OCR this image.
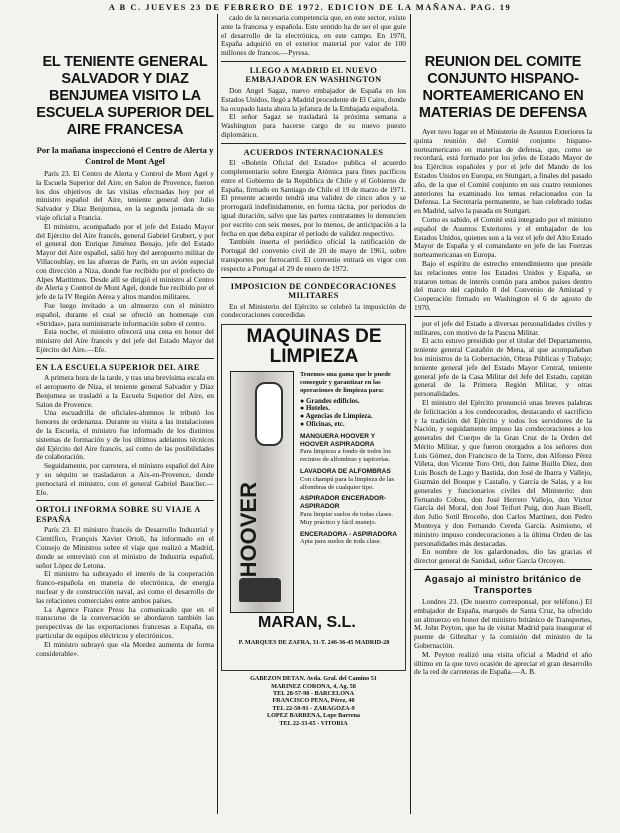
A B C. JUEVES 23 DE FEBRERO DE 1972. EDICION DE LA MAÑANA. PAG. 19
EL TENIENTE GENERAL SALVADOR Y DIAZ BENJUMEA VISITO LA ESCUELA SUPERIOR DEL AIRE FRANCESA
Por la mañana inspeccionó el Centro de Alerta y Control de Mont Agel

París 23. El Centro de Alerta y Control de Mont Agel y la Escuela Superior del Aire, en Salon de Provence, fueron los dos objetivos de las visitas efectuadas hoy por el ministro español del Aire, teniente general don Julio Salvador y Díaz Benjumea, en la segunda jornada de su viaje oficial a Francia.

El ministro, acompañado por el jefe del Estado Mayor del Ejército del Aire francés, general Gabriel Grubert, y por el general don Enrique Jiménez Benajo, jefe del Estado Mayor del Aire español, salió hoy del aeropuerto militar de Villacoublay, en las afueras de París, en un avión especial con dirección a Niza, donde fue recibido por el prefecto de Alpes Marítimos. Desde allí se dirigió el ministro al Centro de Alerta y Control de Mont Agel, donde fue recibido por el jefe de la IV Región Aérea y altos mandos militares.

Fue luego invitado a un almuerzo con el ministro español, durante el cual se ofreció un homenaje con «Stridas», para suministrarle información sobre el centro.

Esta noche, el ministro ofrecerá una cena en honor del ministro del Aire francés y del jefe del Estado Mayor del Ejército del Aire.—Efe.

EN LA ESCUELA SUPERIOR DEL AIRE

A primera hora de la tarde, y tras una brevísima escala en el aeropuerto de Niza, el teniente general Salvador y Díaz Benjumea se trasladó a la Escuela Superior del Aire, en Salon de Provence.

Una escuadrilla de oficiales-alumnos le tributó los honores de ordenanza. Durante su visita a las instalaciones de la Escuela, el ministro fue informado de los distintos sistemas de formación y de los últimos adelantos técnicos del Ejército del Aire francés, así como de las posibilidades de colaboración.

Seguidamente, por carretera, el ministro español del Aire y su séquito se trasladaron a Aix-en-Provence, donde pernoctará el ministro, con el general Gabriel Bauclier.—Efe.

ORTOLI INFORMA SOBRE SU VIAJE A ESPAÑA

París 23. El ministro francés de Desarrollo Industrial y Científico, François Xavier Ortoli, ha informado en el Consejo de Ministros sobre el viaje que realizó a Madrid, donde se entrevistó con el ministro de Industria español, señor López de Letona.

El ministro ha subrayado el interés de la cooperación franco-española en materia de electrónica, de energía nuclear y de construcción naval, así como el desarrollo de las relaciones comerciales entre ambos países.

La Agence France Press ha comunicado que en el transcurso de la conversación se abordaron también las perspectivas de las exportaciones francesas a España, en particular de equipos eléctricos y electrónicos.

El ministro subrayó que «la Mordez aumenta de forma considerable».

cado de la necesaria competencia que, en este sector, existe ante la francesa y española. Este sentido ha de ser el que guíe el desarrollo de la electrónica, en este campo. En 1970, España adquirió en el exterior material por valor de 100 millones de francos.—Pyresa.

LLEGO A MADRID EL NUEVO EMBAJADOR EN WASHINGTON

Don Angel Sagaz, nuevo embajador de España en los Estados Unidos, llegó a Madrid procedente de El Cairo, donde ha ocupado hasta ahora la jefatura de la Embajada española.

El señor Sagaz se trasladará la próxima semana a Washington para hacerse cargo de su nuevo puesto diplomático.

ACUERDOS INTERNACIONALES

El «Boletín Oficial del Estado» publica el acuerdo complementario sobre Energía Atómica para fines pacíficos entre el Gobierno de la República de Chile y el Gobierno de España, firmado en Santiago de Chile el 19 de marzo de 1971. El presente acuerdo tendrá una validez de cinco años y se prorrogará indefinidamente, en forma tácita, por períodos de igual duración, salvo que las partes contratantes lo denuncien por escrito con seis meses, por lo menos, de anticipación a la fecha en que deba expirar el período de validez respectivo.

También inserta el periódico oficial la ratificación de Portugal del convenio civil de 20 de mayo de 1961, sobre transportes por ferrocarril. El convenio entrará en vigor con respecto a Portugal el 29 de enero de 1972.

IMPOSICION DE CONDECORACIONES MILITARES

En el Ministerio del Ejército se celebró la imposición de condecoraciones concedidas

MAQUINAS DE LIMPIEZA
HOOVER
Tenemos una gama que le puede conseguir y garantizar en las operaciones de limpieza para:
● Grandes edificios.
● Hoteles.
● Agencias de Limpieza.
● Oficinas, etc.
MANGUERA HOOVER Y HOOVER ASPIRADORA
Para limpieza a fondo de todos los recintos de alfombras y tapicerías.
LAVADORA DE ALFOMBRAS
Con champú para la limpieza de las alfombras de cualquier tipo.
ASPIRADOR ENCERADOR-ASPIRADOR
Para limpiar suelos de todas clases. Muy práctico y fácil manejo.
ENCERADORA - ASPIRADORA
Apta para suelos de toda clase.
MARAN, S.L.
P. MARQUES DE ZAFRA, 31-T. 246-36-45 MADRID-28
GABEZON DETAN. Avda. Gral. del Camino 51
MARINEZ CORONA, 4, Ag. 58
TEL 28-57-98 - BARCELONA
FRANCISCO PENA, Pérez, 40
TEL 22-50-91 - ZARAGOZA-9
LOPEZ BARRENA, Lope Barrena
TEL 22-33-65 - VITORIA
REUNION DEL COMITE CONJUNTO HISPANO-NORTEAMERICANO EN MATERIAS DE DEFENSA

Ayer tuvo lugar en el Ministerio de Asuntos Exteriores la quinta reunión del Comité conjunto hispano-norteamericano en materias de defensa, que, como se recordará, está formado por los jefes de Estado Mayor de los Ejércitos españoles y por el jefe del Mando de los Estados Unidos en Europa, en Stuttgart, a finales del pasado año, de la que el Comité conjunto en sus cuatro reuniones anteriores ha examinado los temas relacionados con la Defensa. La Secretaría permanente, se han celebrado todas en Madrid, salvo la pasada en Stuttgart.

Como es sabido, el Comité está integrado por el ministro español de Asuntos Exteriores y el embajador de los Estados Unidos, quienes son a la vez el jefe del Alto Estado Mayor de España y el comandante en jefe de las Fuerzas norteamericanas en Europa.

Bajo el espíritu de estrecho entendimiento que preside las relaciones entre los Estados Unidos y España, se trataron temas de interés común para ambos países dentro del marco del capítulo 8 del Convenio de Amistad y Cooperación firmado en Washington el 6 de agosto de 1970.

por el jefe del Estado a diversas personalidades civiles y militares, con motivo de la Pascua Militar.

El acto estuvo presidido por el titular del Departamento, teniente general Castañón de Mena, al que acompañaban los ministros de la Gobernación, Obras Públicas y Trabajo; teniente general jefe del Estado Mayor Central, teniente general jefe de la Casa Militar del Jefe del Estado, capitán general de la Primera Región Militar, y otras personalidades.

El ministro del Ejército pronunció unas breves palabras de felicitación a los condecorados, destacando el sacrificio y la tradición del Ejército y todos los servidores de la Nación, y seguidamente impuso las condecoraciones a los generales del Cuerpo de la Gran Cruz de la Orden del Mérito Militar, y que fueron otorgados a los señores don Luis Gómez, don Francisco de la Torre, don Alfonso Pérez Viñeta, don Vicente Toro Orti, don Jaime Buillo Díez, don Luis Bosch de Lago y Bastida, don José de Ibarra y Vallejo, Guzmán del Bosque y Castaño, y García de Salas, y a los generales y funcionarios civiles del Ministerio: don Fernando Cobos, don José Herrero Vallejo, don Victor García del Moral, don José Teifort Puig, don Juan Bisell, don Julio Sotil Broceño, don Carlos Martínez, don Pedro Montoya y don Fernando Cereda García. Asimismo, el ministro impuso condecoraciones a la última Orden de las personalidades más destacadas.

En nombre de los galardonados, dio las gracias el director general de Sanidad, señor García Orcoyen.

Agasajo al ministro británico de Transportes

Londres 23. (De nuestro corresponsal, por teléfono.) El embajador de España, marqués de Santa Cruz, ha ofrecido un almuerzo en honor del ministro británico de Transportes, M. John Peyton, que ha de visitar Madrid para inaugurar el puente de Gibraltar y la comisión del ministro de la Gobernación.

M. Peyton realizó una visita oficial a Madrid el año último en la que tuvo ocasión de apreciar el gran desarrollo de la red de carreteras de España.—A. B.
